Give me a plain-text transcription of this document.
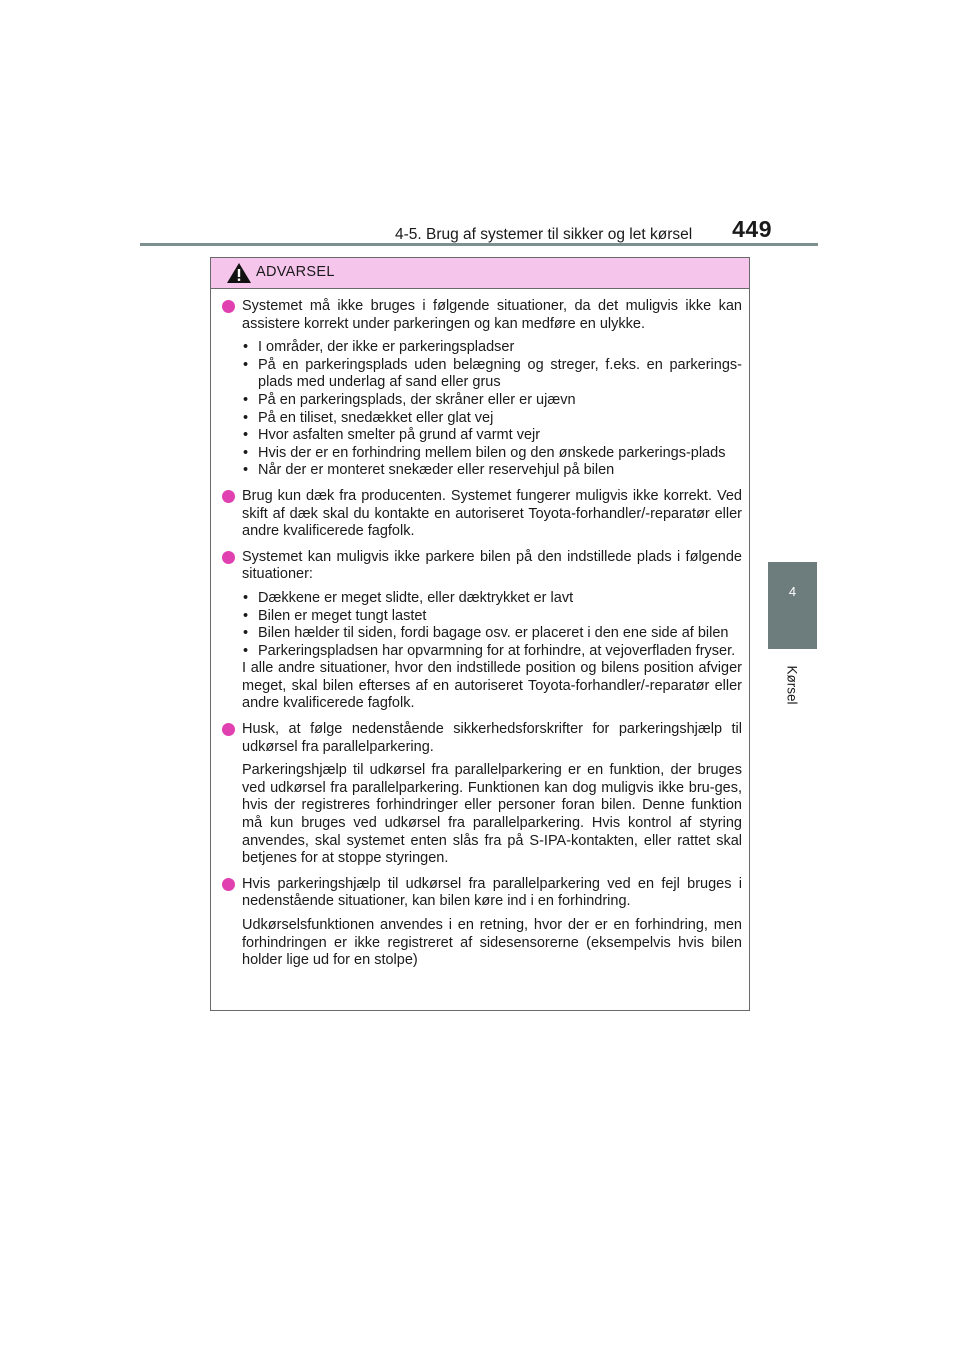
4-5. Brug af systemer til sikker og let kørsel 449
4
Kørsel
ADVARSEL

Systemet må ikke bruges i følgende situationer, da det muligvis ikke kan assistere korrekt under parkeringen og kan medføre en ulykke.

• I områder, der ikke er parkeringspladser
• På en parkeringsplads uden belægning og streger, f.eks. en parkerings-plads med underlag af sand eller grus
• På en parkeringsplads, der skråner eller er ujævn
• På en tiliset, snedækket eller glat vej
• Hvor asfalten smelter på grund af varmt vejr
• Hvis der er en forhindring mellem bilen og den ønskede parkerings-plads
• Når der er monteret snekæder eller reservehjul på bilen

Brug kun dæk fra producenten. Systemet fungerer muligvis ikke korrekt. Ved skift af dæk skal du kontakte en autoriseret Toyota-forhandler/-reparatør eller andre kvalificerede fagfolk.

Systemet kan muligvis ikke parkere bilen på den indstillede plads i følgende situationer:

• Dækkene er meget slidte, eller dæktrykket er lavt
• Bilen er meget tungt lastet
• Bilen hælder til siden, fordi bagage osv. er placeret i den ene side af bilen
• Parkeringspladsen har opvarmning for at forhindre, at vejoverfladen fryser.

I alle andre situationer, hvor den indstillede position og bilens position afviger meget, skal bilen efterses af en autoriseret Toyota-forhandler/-reparatør eller andre kvalificerede fagfolk.

Husk, at følge nedenstående sikkerhedsforskrifter for parkeringshjælp til udkørsel fra parallelparkering.

Parkeringshjælp til udkørsel fra parallelparkering er en funktion, der bruges ved udkørsel fra parallelparkering. Funktionen kan dog muligvis ikke bru-ges, hvis der registreres forhindringer eller personer foran bilen. Denne funktion må kun bruges ved udkørsel fra parallelparkering. Hvis kontrol af styring anvendes, skal systemet enten slås fra på S-IPA-kontakten, eller rattet skal betjenes for at stoppe styringen.

Hvis parkeringshjælp til udkørsel fra parallelparkering ved en fejl bruges i nedenstående situationer, kan bilen køre ind i en forhindring.

Udkørselsfunktionen anvendes i en retning, hvor der er en forhindring, men forhindringen er ikke registreret af sidesensorerne (eksempelvis hvis bilen holder lige ud for en stolpe)
